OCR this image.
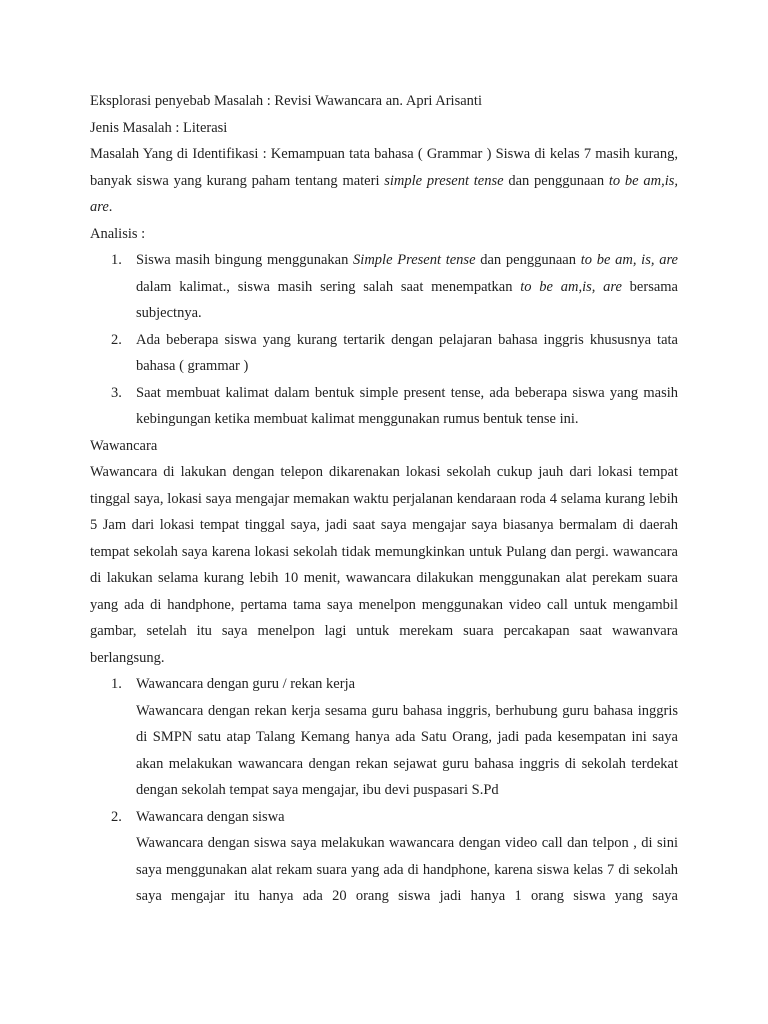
Eksplorasi penyebab Masalah : Revisi Wawancara an. Apri Arisanti

Jenis Masalah : Literasi

Masalah Yang di Identifikasi : Kemampuan tata bahasa ( Grammar ) Siswa di kelas 7 masih kurang, banyak siswa yang kurang paham tentang materi simple present tense dan penggunaan to be am,is, are.

Analisis :

1. Siswa masih bingung menggunakan Simple Present tense dan penggunaan to be am, is, are dalam kalimat., siswa masih sering salah saat menempatkan to be am,is, are bersama subjectnya.
2. Ada beberapa siswa yang kurang tertarik dengan pelajaran bahasa inggris khususnya tata bahasa ( grammar )
3. Saat membuat kalimat dalam bentuk simple present tense, ada beberapa siswa yang masih kebingungan ketika membuat kalimat menggunakan rumus bentuk tense ini.

Wawancara

Wawancara di lakukan dengan telepon dikarenakan lokasi sekolah cukup jauh dari lokasi tempat tinggal saya, lokasi saya mengajar memakan waktu perjalanan kendaraan roda 4 selama kurang lebih 5 Jam dari lokasi tempat tinggal saya, jadi saat saya mengajar saya biasanya bermalam di daerah tempat sekolah saya karena lokasi sekolah tidak memungkinkan untuk Pulang dan pergi. wawancara di lakukan selama kurang lebih 10 menit, wawancara dilakukan menggunakan alat perekam suara yang ada di handphone, pertama tama saya menelpon menggunakan video call untuk mengambil gambar, setelah itu saya menelpon lagi untuk merekam suara percakapan saat wawanvara berlangsung.

1. Wawancara dengan guru / rekan kerja

Wawancara dengan rekan kerja sesama guru bahasa inggris, berhubung guru bahasa inggris di SMPN satu atap Talang Kemang hanya ada Satu Orang, jadi pada kesempatan ini saya akan melakukan wawancara dengan rekan sejawat guru bahasa inggris di sekolah terdekat dengan sekolah tempat saya mengajar, ibu devi puspasari S.Pd

2. Wawancara dengan siswa

Wawancara dengan siswa saya melakukan wawancara dengan video call dan telpon , di sini saya menggunakan alat rekam suara yang ada di handphone, karena siswa kelas 7 di sekolah saya mengajar itu hanya ada 20 orang siswa jadi hanya 1 orang siswa yang saya
